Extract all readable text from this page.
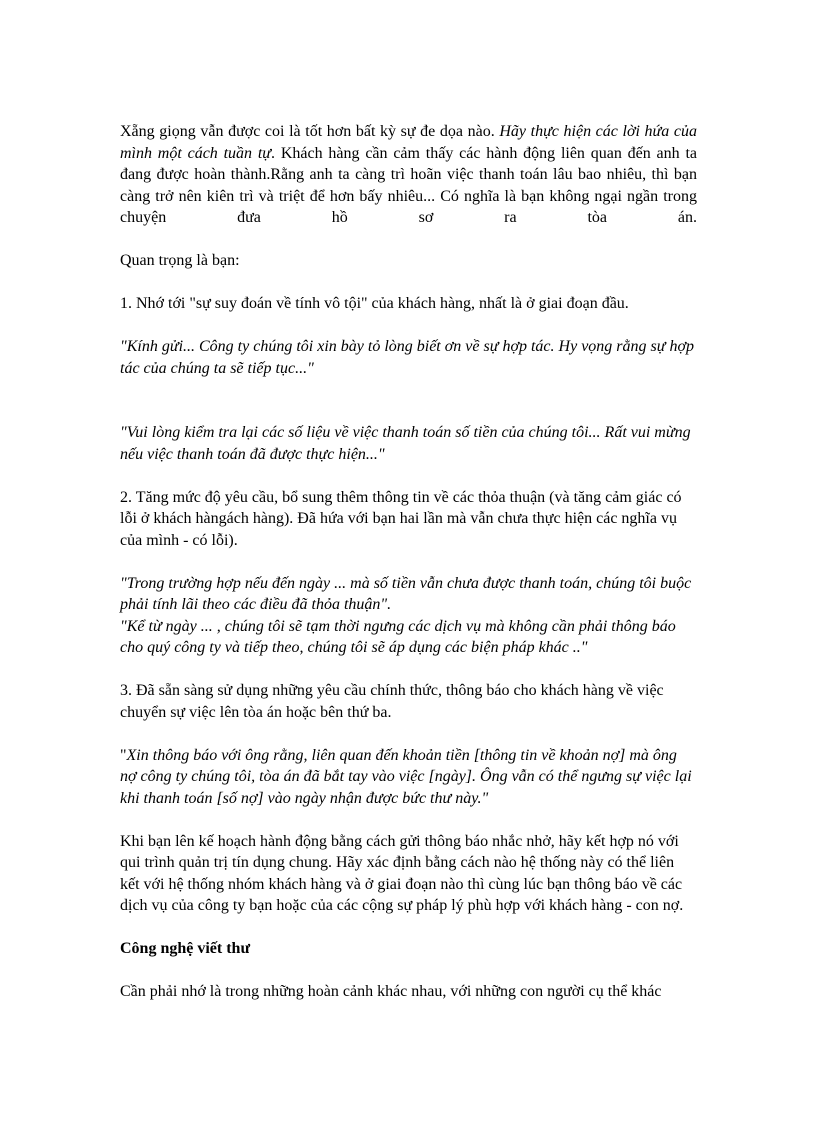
Xẵng giọng vẫn được coi là tốt hơn bất kỳ sự đe dọa nào. Hãy thực hiện các lời hứa của mình một cách tuần tự. Khách hàng cần cảm thấy các hành động liên quan đến anh ta đang được hoàn thành.Rằng anh ta càng trì hoãn việc thanh toán lâu bao nhiêu, thì bạn càng trở nên kiên trì và triệt để hơn bấy nhiêu... Có nghĩa là bạn không ngại ngần trong chuyện đưa hồ sơ ra tòa án.

Quan trọng là bạn:

1. Nhớ tới "sự suy đoán về tính vô tội" của khách hàng, nhất là ở giai đoạn đầu.

"Kính gửi... Công ty chúng tôi xin bày tỏ lòng biết ơn về sự hợp tác. Hy vọng rằng sự hợp tác của chúng ta sẽ tiếp tục..."

"Vui lòng kiểm tra lại các số liệu về việc thanh toán số tiền của chúng tôi... Rất vui mừng nếu việc thanh toán đã được thực hiện..."

2. Tăng mức độ yêu cầu, bổ sung thêm thông tin về các thỏa thuận (và tăng cảm giác có lỗi ở khách hàngách hàng). Đã hứa với bạn hai lần mà vẫn chưa thực hiện các nghĩa vụ của mình - có lỗi).

"Trong trường hợp nếu đến ngày ... mà số tiền vẫn chưa được thanh toán, chúng tôi buộc phải tính lãi theo các điều đã thỏa thuận".

"Kể từ ngày ... , chúng tôi sẽ tạm thời ngưng các dịch vụ mà không cần phải thông báo cho quý công ty và tiếp theo, chúng tôi sẽ áp dụng các biện pháp khác .."

3. Đã sẵn sàng sử dụng những yêu cầu chính thức, thông báo cho khách hàng về việc chuyển sự việc lên tòa án hoặc bên thứ ba.

"Xin thông báo với ông rằng, liên quan đến khoản tiền [thông tin về khoản nợ] mà ông nợ công ty chúng tôi, tòa án đã bắt tay vào việc [ngày]. Ông vẫn có thể ngưng sự việc lại khi thanh toán [số nợ] vào ngày nhận được bức thư này."

Khi bạn lên kế hoạch hành động bằng cách gửi thông báo nhắc nhở, hãy kết hợp nó với qui trình quản trị tín dụng chung. Hãy xác định bằng cách nào hệ thống này có thể liên kết với hệ thống nhóm khách hàng và ở giai đoạn nào thì cùng lúc bạn thông báo về các dịch vụ của công ty bạn hoặc của các cộng sự pháp lý phù hợp với khách hàng - con nợ.

Công nghệ viết thư

Cần phải nhớ là trong những hoàn cảnh khác nhau, với những con người cụ thể khác
